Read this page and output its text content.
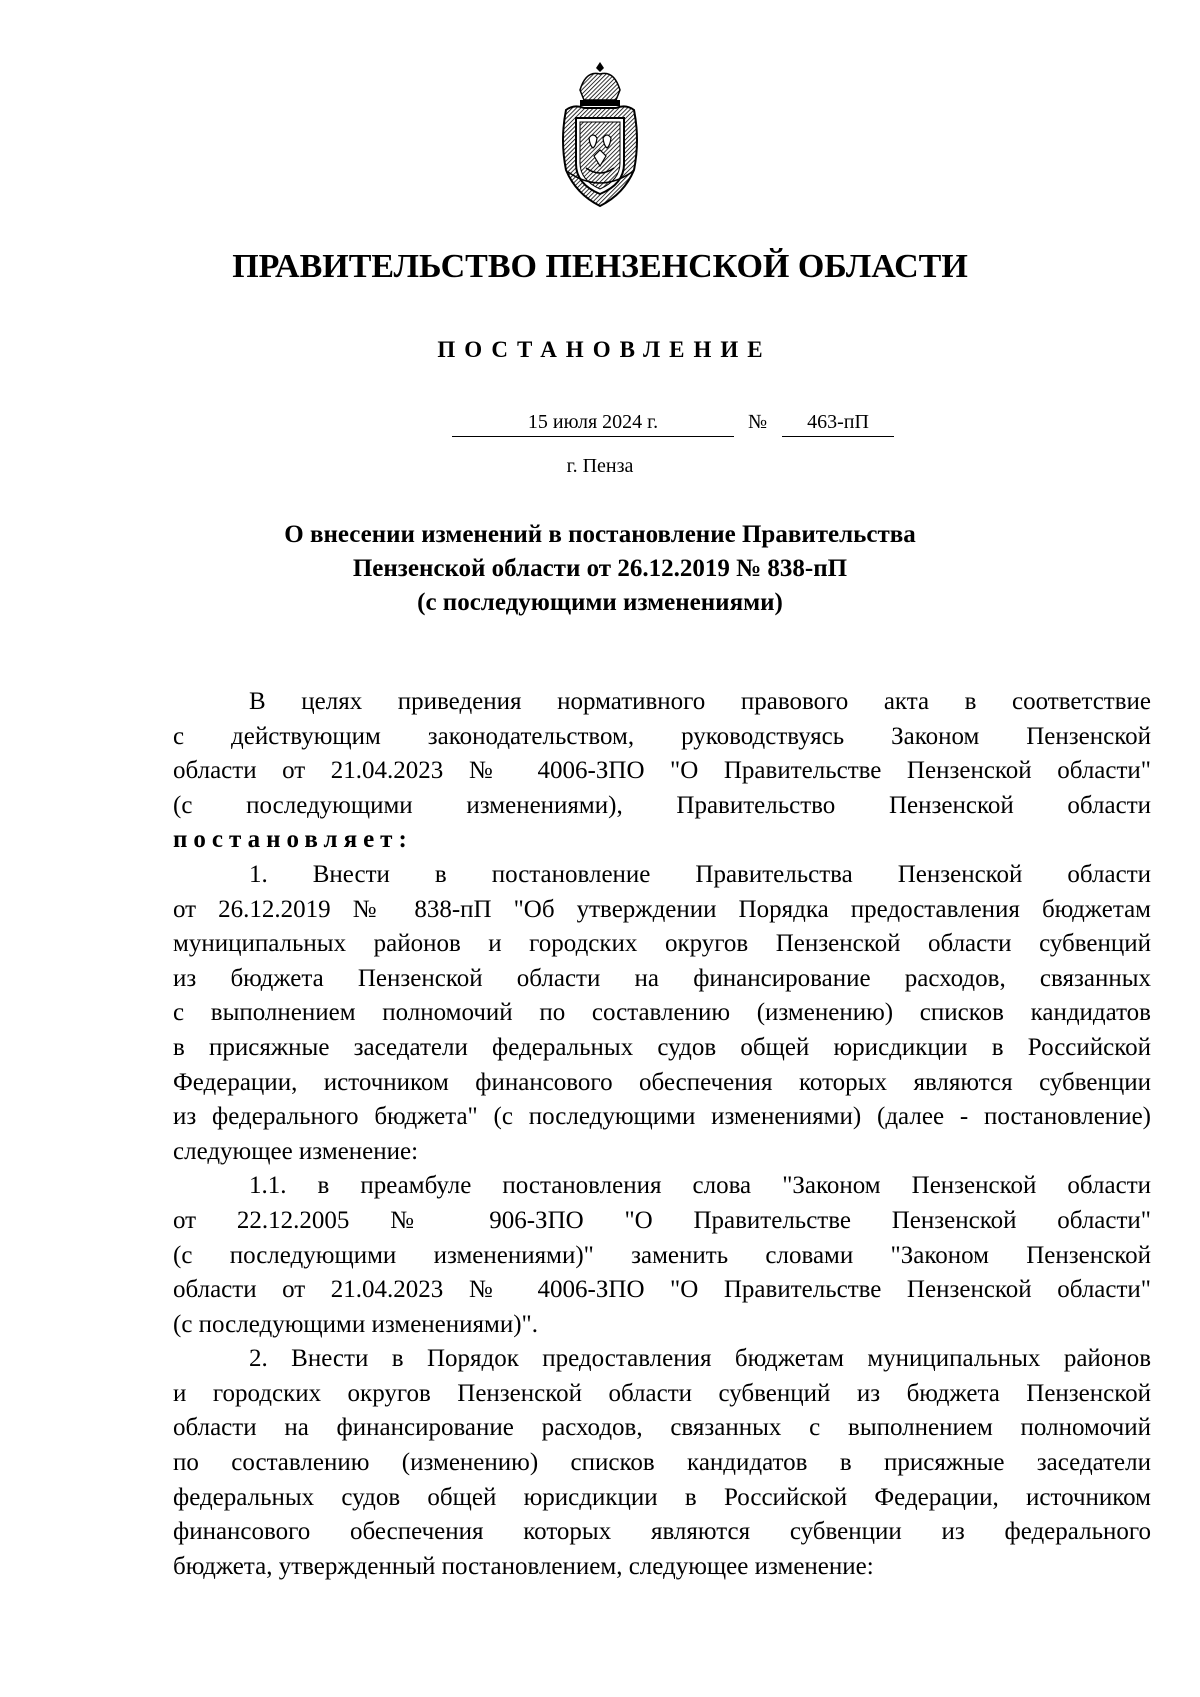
ПРАВИТЕЛЬСТВО ПЕНЗЕНСКОЙ ОБЛАСТИ
ПОСТАНОВЛЕНИЕ
15 июля 2024 г.	№	463-пП
г. Пенза
О внесении изменений в постановление Правительства
Пензенской области от 26.12.2019 № 838-пП
(с последующими изменениями)
В целях приведения нормативного правового акта в соответствие
с действующим законодательством, руководствуясь Законом Пензенской
области от 21.04.2023 № 4006-ЗПО "О Правительстве Пензенской области"
(с последующими изменениями), Правительство Пензенской области
постановляет:
1. Внести в постановление Правительства Пензенской области
от 26.12.2019 № 838-пП "Об утверждении Порядка предоставления бюджетам
муниципальных районов и городских округов Пензенской области субвенций
из бюджета Пензенской области на финансирование расходов, связанных
с выполнением полномочий по составлению (изменению) списков кандидатов
в присяжные заседатели федеральных судов общей юрисдикции в Российской
Федерации, источником финансового обеспечения которых являются субвенции
из федерального бюджета" (с последующими изменениями) (далее - постановление)
следующее изменение:
1.1. в преамбуле постановления слова "Законом Пензенской области
от 22.12.2005 № 906-ЗПО "О Правительстве Пензенской области"
(с последующими изменениями)" заменить словами "Законом Пензенской
области от 21.04.2023 № 4006-ЗПО "О Правительстве Пензенской области"
(с последующими изменениями)".
2. Внести в Порядок предоставления бюджетам муниципальных районов
и городских округов Пензенской области субвенций из бюджета Пензенской
области на финансирование расходов, связанных с выполнением полномочий
по составлению (изменению) списков кандидатов в присяжные заседатели
федеральных судов общей юрисдикции в Российской Федерации, источником
финансового обеспечения которых являются субвенции из федерального
бюджета, утвержденный постановлением, следующее изменение:
